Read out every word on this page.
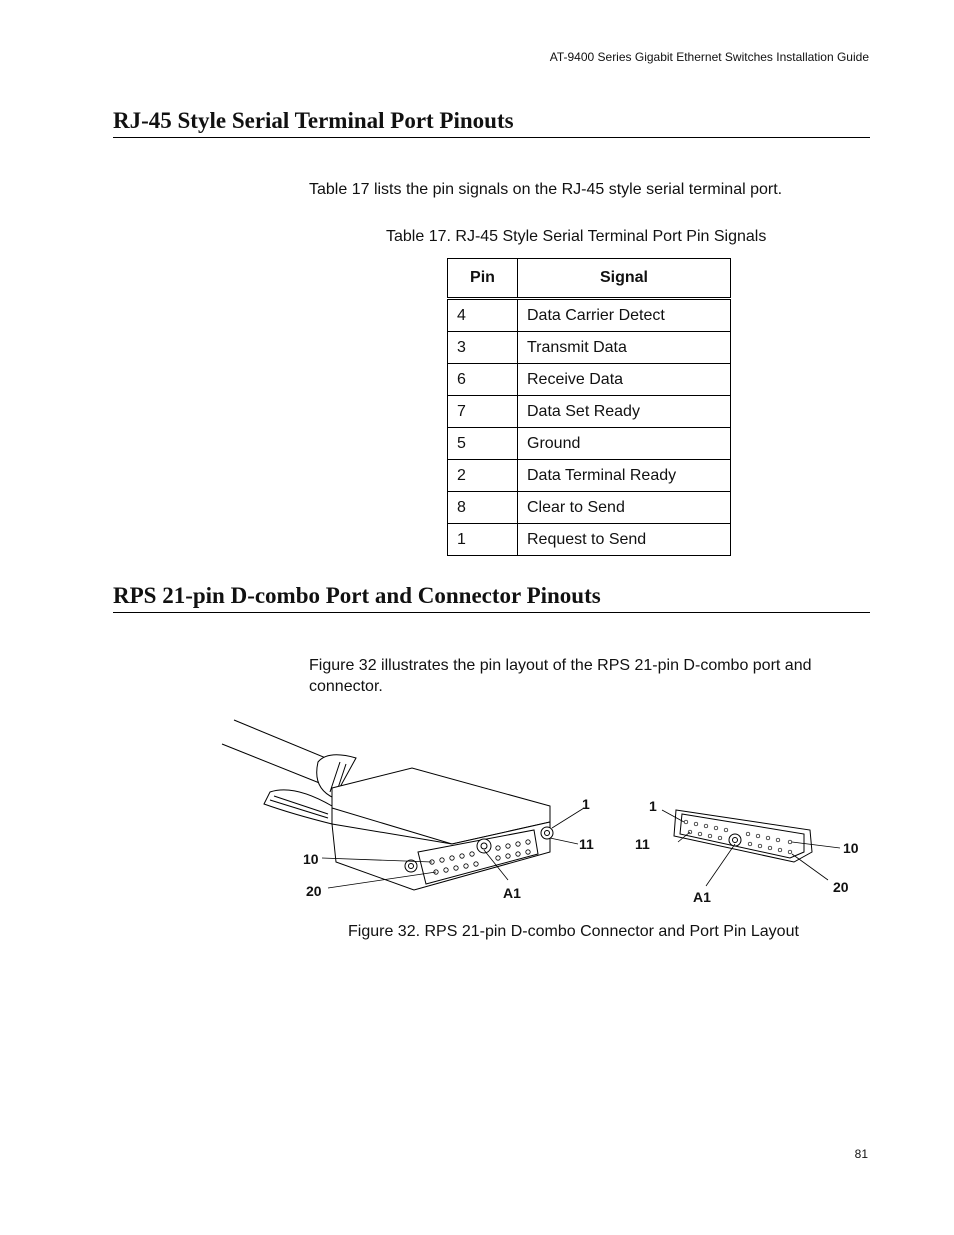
AT-9400 Series Gigabit Ethernet Switches Installation Guide
RJ-45 Style Serial Terminal Port Pinouts
Table 17 lists the pin signals on the RJ-45 style serial terminal port.
Table 17. RJ-45 Style Serial Terminal Port Pin Signals
Pin	Signal
4	Data Carrier Detect
3	Transmit Data
6	Receive Data
7	Data Set Ready
5	Ground
2	Data Terminal Ready
8	Clear to Send
1	Request to Send
RPS 21-pin D-combo Port and Connector Pinouts
Figure 32 illustrates the pin layout of the RPS 21-pin D-combo port and connector.
1
11
10
20	A1
1
11	10
20
A1
Figure 32. RPS 21-pin D-combo Connector and Port Pin Layout
81
